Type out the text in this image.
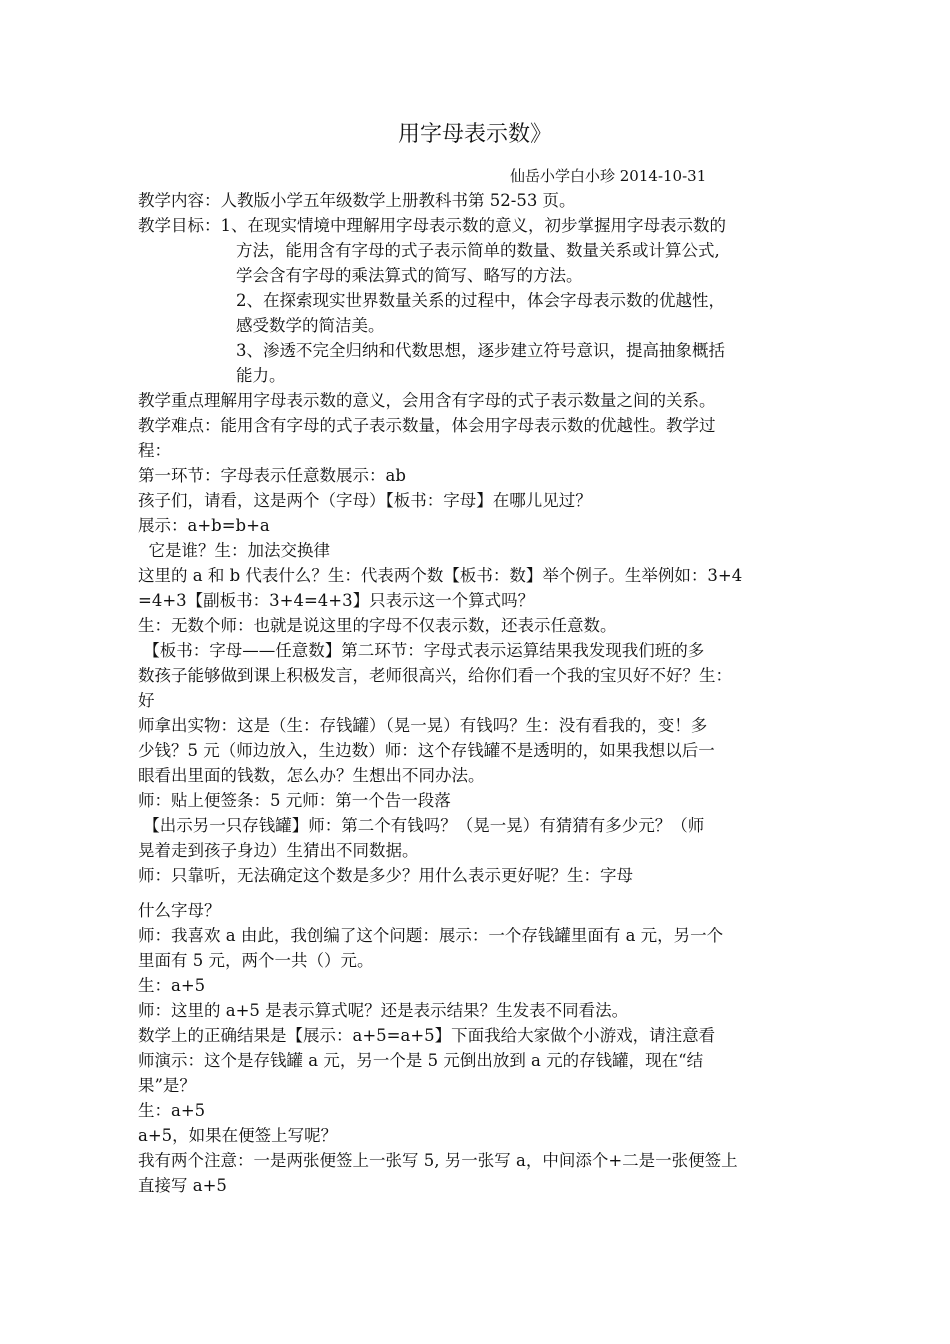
用字母表示数》
仙岳小学白小珍 2014-10-31
教学内容：人教版小学五年级数学上册教科书第 52-53 页。
教学目标：1、在现实情境中理解用字母表示数的意义，初步掌握用字母表示数的
方法，能用含有字母的式子表示简单的数量、数量关系或计算公式,
学会含有字母的乘法算式的简写、略写的方法。
2、在探索现实世界数量关系的过程中，体会字母表示数的优越性，
感受数学的简洁美。
3、渗透不完全归纳和代数思想，逐步建立符号意识，提高抽象概括
能力。
教学重点理解用字母表示数的意义，会用含有字母的式子表示数量之间的关系。
教学难点：能用含有字母的式子表示数量，体会用字母表示数的优越性。教学过
程：
第一环节：字母表示任意数展示：ab
孩子们，请看，这是两个（字母）【板书：字母】在哪儿见过？
展示：a+b=b+a
它是谁？生：加法交换律
这里的 a 和 b 代表什么？生：代表两个数【板书：数】举个例子。生举例如：3+4
=4+3【副板书：3+4=4+3】只表示这一个算式吗？
生：无数个师：也就是说这里的字母不仅表示数，还表示任意数。
【板书：字母——任意数】第二环节：字母式表示运算结果我发现我们班的多
数孩子能够做到课上积极发言，老师很高兴，给你们看一个我的宝贝好不好？生：
好
师拿出实物：这是（生：存钱罐）（晃一晃）有钱吗？生：没有看我的，变！多
少钱？5 元（师边放入，生边数）师：这个存钱罐不是透明的，如果我想以后一
眼看出里面的钱数，怎么办？生想出不同办法。
师：贴上便签条：5 元师：第一个告一段落
【出示另一只存钱罐】师：第二个有钱吗？（晃一晃）有猜猜有多少元？（师
晃着走到孩子身边）生猜出不同数据。
师：只靠听，无法确定这个数是多少？用什么表示更好呢？生：字母
什么字母？
师：我喜欢 a 由此，我创编了这个问题：展示：一个存钱罐里面有 a 元，另一个
里面有 5 元，两个一共（）元。
生：a+5
师：这里的 a+5 是表示算式呢？还是表示结果？生发表不同看法。
数学上的正确结果是【展示：a+5=a+5】下面我给大家做个小游戏，请注意看
师演示：这个是存钱罐 a 元，另一个是 5 元倒出放到 a 元的存钱罐，现在“结
果”是？
生：a+5
a+5，如果在便签上写呢？
我有两个注意：一是两张便签上一张写 5, 另一张写 a，中间添个+二是一张便签上
直接写 a+5
